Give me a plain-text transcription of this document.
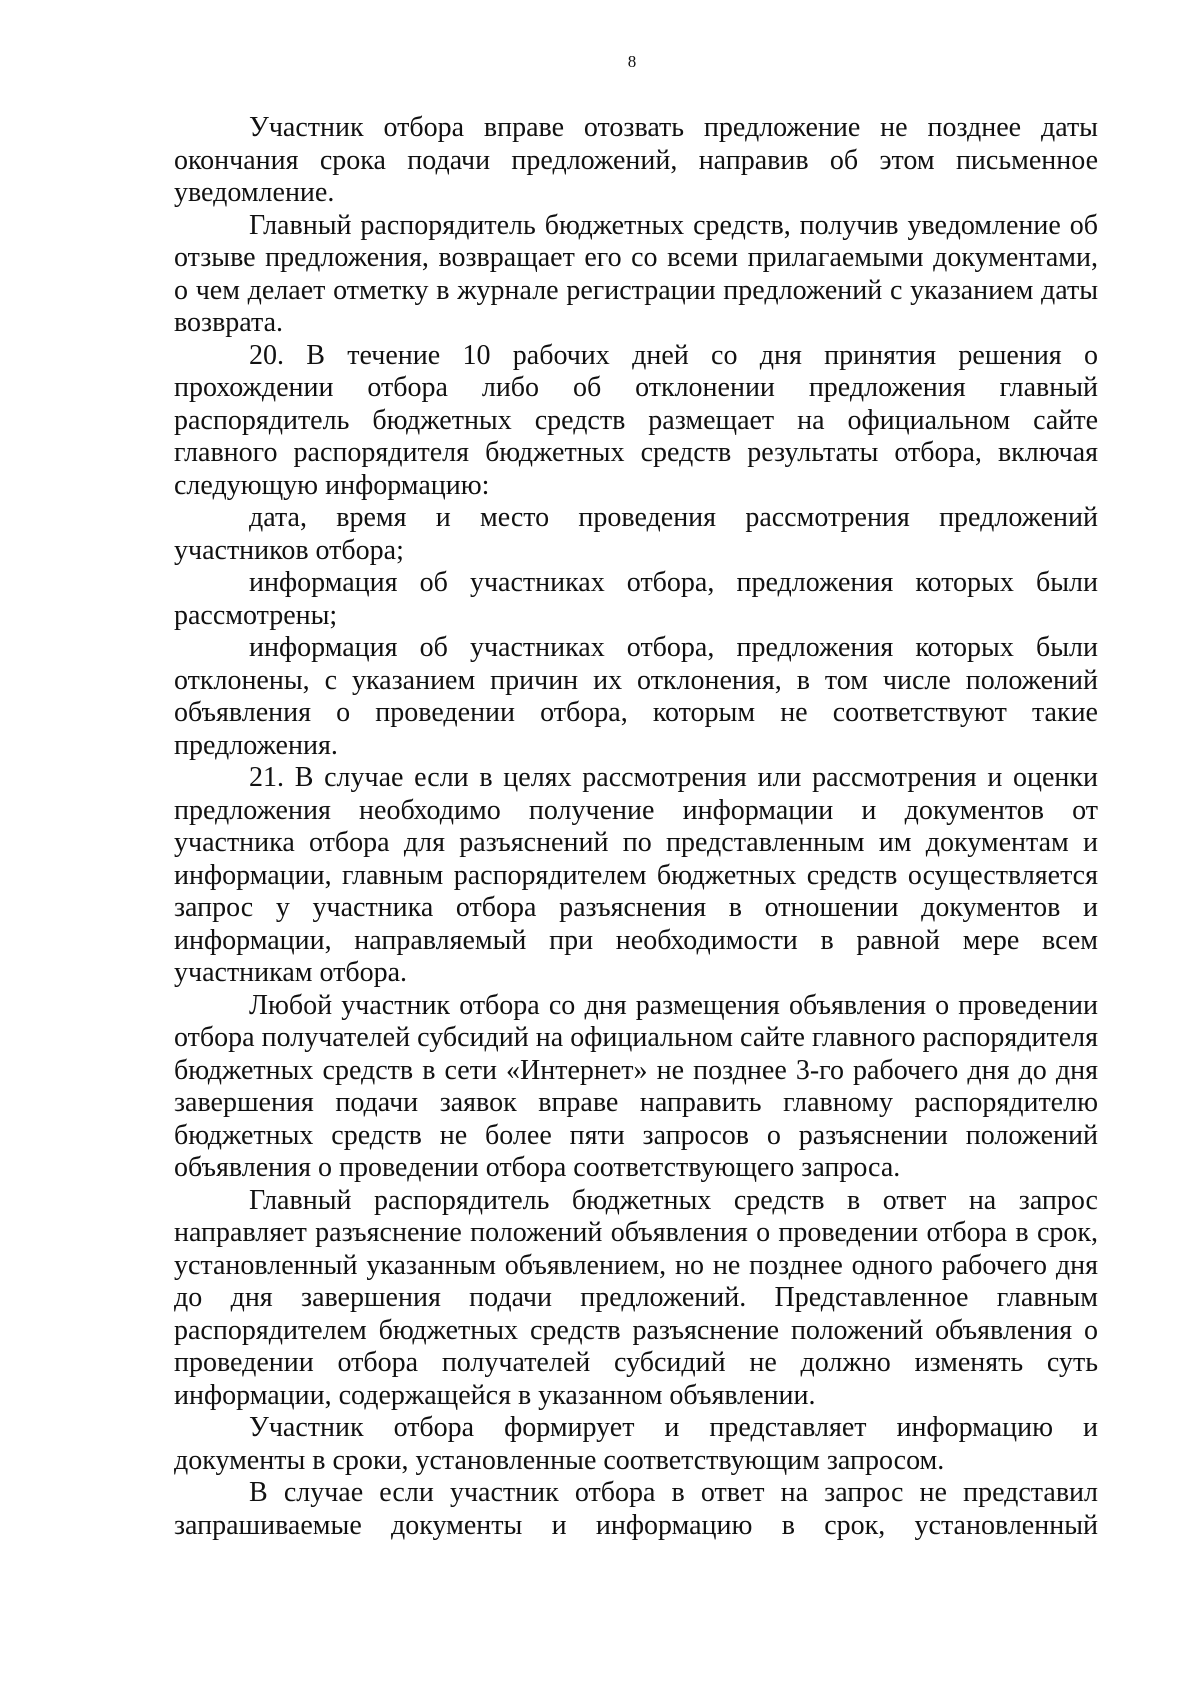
8

Участник отбора вправе отозвать предложение не позднее даты окончания срока подачи предложений, направив об этом письменное уведомление.

Главный распорядитель бюджетных средств, получив уведомление об отзыве предложения, возвращает его со всеми прилагаемыми документами, о чем делает отметку в журнале регистрации предложений с указанием даты возврата.

20. В течение 10 рабочих дней со дня принятия решения о прохождении отбора либо об отклонении предложения главный распорядитель бюджетных средств размещает на официальном сайте главного распорядителя бюджетных средств результаты отбора, включая следующую информацию:

дата, время и место проведения рассмотрения предложений участников отбора;

информация об участниках отбора, предложения которых были рассмотрены;

информация об участниках отбора, предложения которых были отклонены, с указанием причин их отклонения, в том числе положений объявления о проведении отбора, которым не соответствуют такие предложения.

21. В случае если в целях рассмотрения или рассмотрения и оценки предложения необходимо получение информации и документов от участника отбора для разъяснений по представленным им документам и информации, главным распорядителем бюджетных средств осуществляется запрос у участника отбора разъяснения в отношении документов и информации, направляемый при необходимости в равной мере всем участникам отбора.

Любой участник отбора со дня размещения объявления о проведении отбора получателей субсидий на официальном сайте главного распорядителя бюджетных средств в сети «Интернет» не позднее 3-го рабочего дня до дня завершения подачи заявок вправе направить главному распорядителю бюджетных средств не более пяти запросов о разъяснении положений объявления о проведении отбора соответствующего запроса.

Главный распорядитель бюджетных средств в ответ на запрос направляет разъяснение положений объявления о проведении отбора в срок, установленный указанным объявлением, но не позднее одного рабочего дня до дня завершения подачи предложений. Представленное главным распорядителем бюджетных средств разъяснение положений объявления о проведении отбора получателей субсидий не должно изменять суть информации, содержащейся в указанном объявлении.

Участник отбора формирует и представляет информацию и документы в сроки, установленные соответствующим запросом.

В случае если участник отбора в ответ на запрос не представил запрашиваемые документы и информацию в срок, установленный
